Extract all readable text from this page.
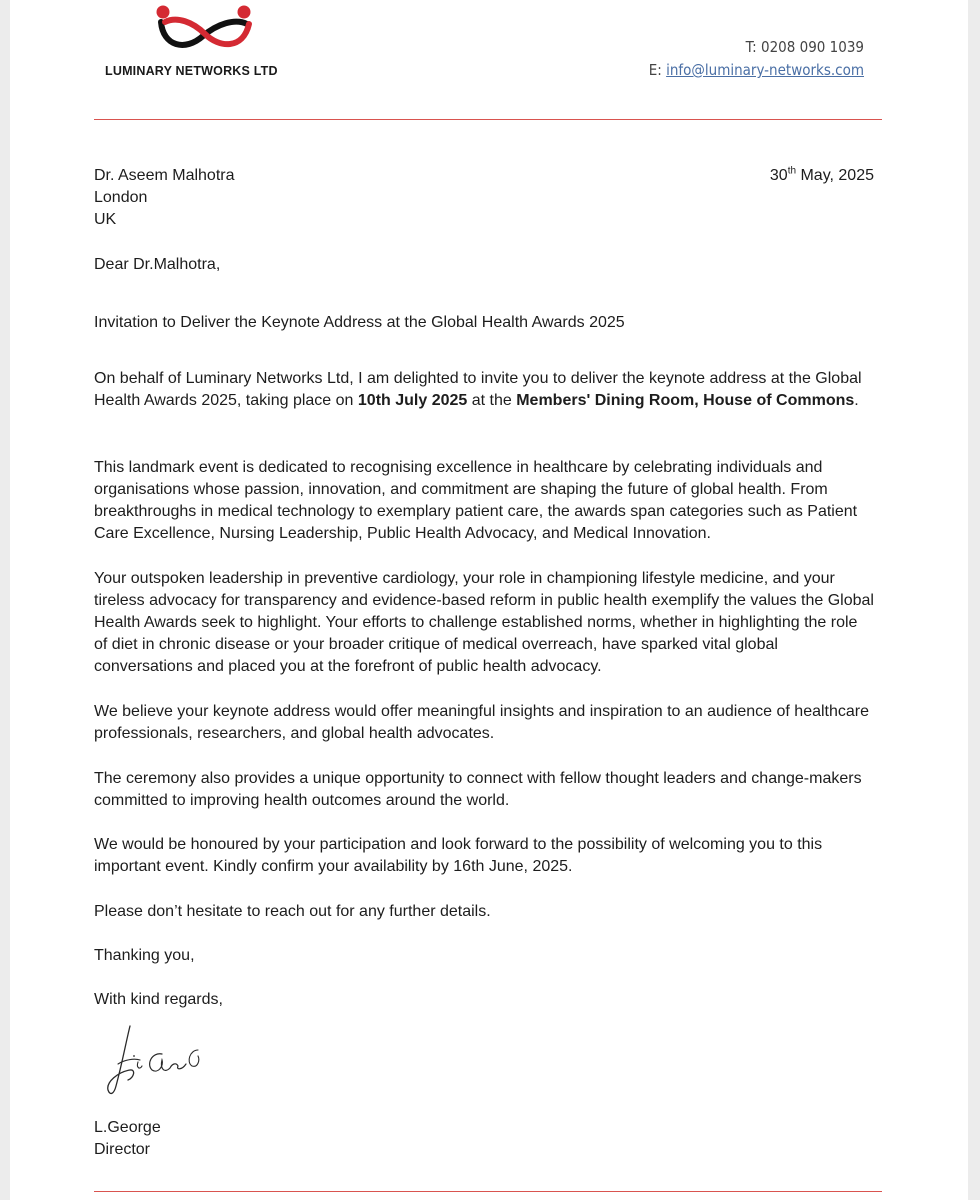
LUMINARY NETWORKS LTD
T: 0208 090 1039
E: info@luminary-networks.com
Dr. Aseem Malhotra
London
UK
30th May, 2025

Dear Dr.Malhotra,

Invitation to Deliver the Keynote Address at the Global Health Awards 2025

On behalf of Luminary Networks Ltd, I am delighted to invite you to deliver the keynote address at the Global Health Awards 2025, taking place on 10th July 2025 at the Members' Dining Room, House of Commons.

This landmark event is dedicated to recognising excellence in healthcare by celebrating individuals and organisations whose passion, innovation, and commitment are shaping the future of global health. From breakthroughs in medical technology to exemplary patient care, the awards span categories such as Patient Care Excellence, Nursing Leadership, Public Health Advocacy, and Medical Innovation.

Your outspoken leadership in preventive cardiology, your role in championing lifestyle medicine, and your tireless advocacy for transparency and evidence-based reform in public health exemplify the values the Global Health Awards seek to highlight. Your efforts to challenge established norms, whether in highlighting the role of diet in chronic disease or your broader critique of medical overreach, have sparked vital global conversations and placed you at the forefront of public health advocacy.

We believe your keynote address would offer meaningful insights and inspiration to an audience of healthcare professionals, researchers, and global health advocates.

The ceremony also provides a unique opportunity to connect with fellow thought leaders and change-makers committed to improving health outcomes around the world.

We would be honoured by your participation and look forward to the possibility of welcoming you to this important event. Kindly confirm your availability by 16th June, 2025.

Please don’t hesitate to reach out for any further details.

Thanking you,

With kind regards,

L.George

Director
